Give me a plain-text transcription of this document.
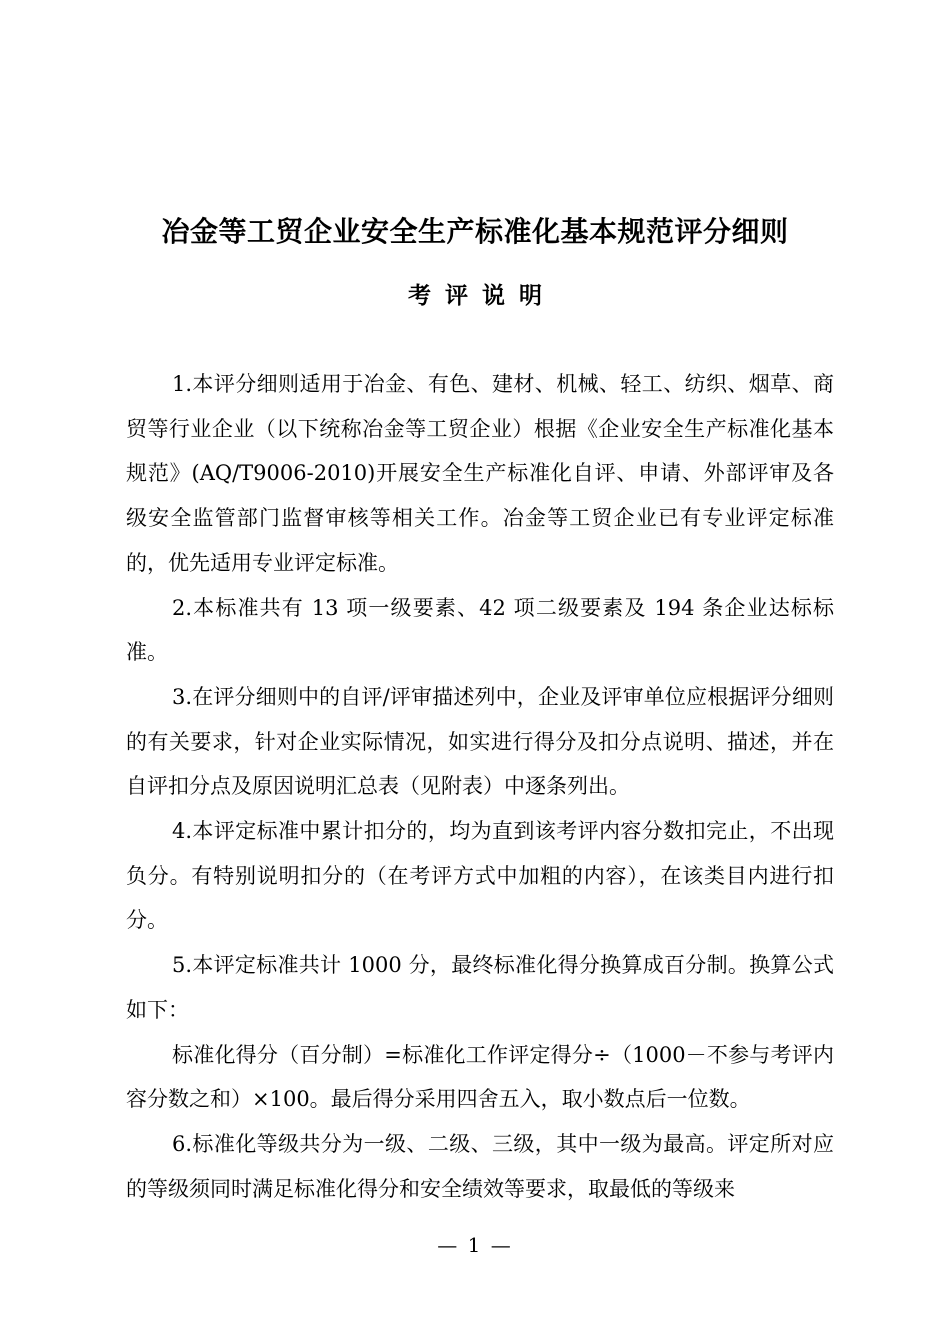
冶金等工贸企业安全生产标准化基本规范评分细则
考评说明

1.本评分细则适用于冶金、有色、建材、机械、轻工、纺织、烟草、商贸等行业企业（以下统称冶金等工贸企业）根据《企业安全生产标准化基本规范》(AQ/T9006-2010)开展安全生产标准化自评、申请、外部评审及各级安全监管部门监督审核等相关工作。冶金等工贸企业已有专业评定标准的，优先适用专业评定标准。

2.本标准共有 13 项一级要素、42 项二级要素及 194 条企业达标标准。

3.在评分细则中的自评/评审描述列中，企业及评审单位应根据评分细则的有关要求，针对企业实际情况，如实进行得分及扣分点说明、描述，并在自评扣分点及原因说明汇总表（见附表）中逐条列出。

4.本评定标准中累计扣分的，均为直到该考评内容分数扣完止，不出现负分。有特别说明扣分的（在考评方式中加粗的内容），在该类目内进行扣分。

5.本评定标准共计 1000 分，最终标准化得分换算成百分制。换算公式如下：

标准化得分（百分制）=标准化工作评定得分÷（1000－不参与考评内容分数之和）×100。最后得分采用四舍五入，取小数点后一位数。

6.标准化等级共分为一级、二级、三级，其中一级为最高。评定所对应的等级须同时满足标准化得分和安全绩效等要求，取最低的等级来

— 1 —
